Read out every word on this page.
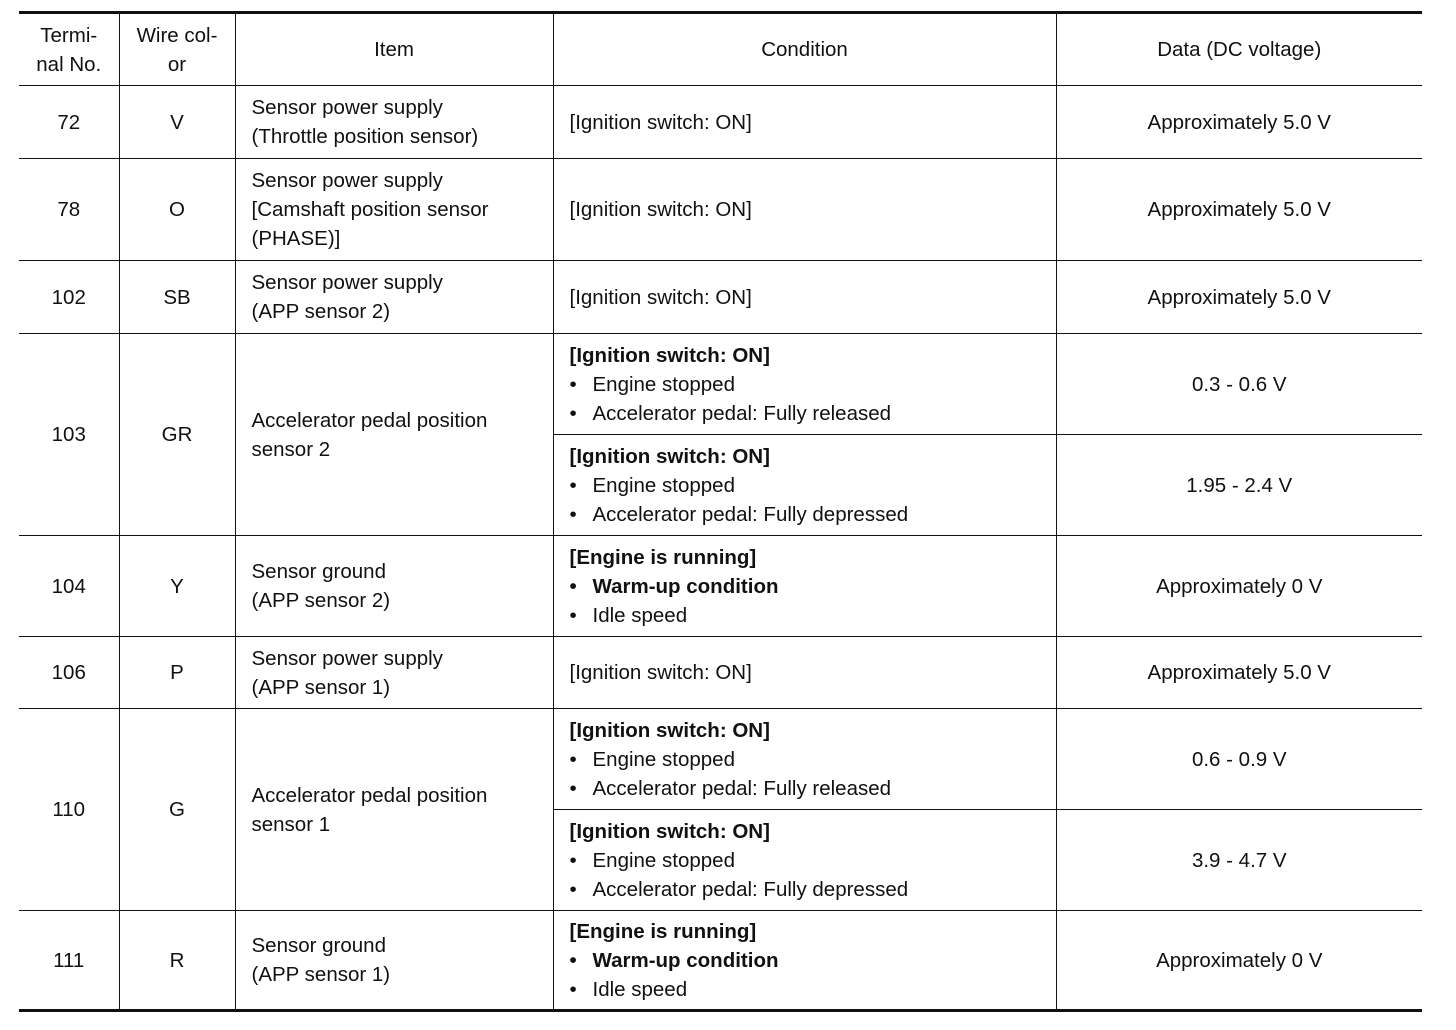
Termi-
nal No.	Wire col-
or	Item	Condition	Data (DC voltage)
72	V	Sensor power supply
(Throttle position sensor)	[Ignition switch: ON]	Approximately 5.0 V
78	O	Sensor power supply
[Camshaft position sensor
(PHASE)]	[Ignition switch: ON]	Approximately 5.0 V
102	SB	Sensor power supply
(APP sensor 2)	[Ignition switch: ON]	Approximately 5.0 V
103	GR	Accelerator pedal position
sensor 2	[Ignition switch: ON]
• Engine stopped
• Accelerator pedal: Fully released	0.3 - 0.6 V

			[Ignition switch: ON]
• Engine stopped
• Accelerator pedal: Fully depressed	1.95 - 2.4 V
104	Y	Sensor ground
(APP sensor 2)	[Engine is running]
• Warm-up condition
• Idle speed	Approximately 0 V
106	P	Sensor power supply
(APP sensor 1)	[Ignition switch: ON]	Approximately 5.0 V
110	G	Accelerator pedal position
sensor 1	[Ignition switch: ON]
• Engine stopped
• Accelerator pedal: Fully released	0.6 - 0.9 V

			[Ignition switch: ON]
• Engine stopped
• Accelerator pedal: Fully depressed	3.9 - 4.7 V
111	R	Sensor ground
(APP sensor 1)	[Engine is running]
• Warm-up condition
• Idle speed	Approximately 0 V
